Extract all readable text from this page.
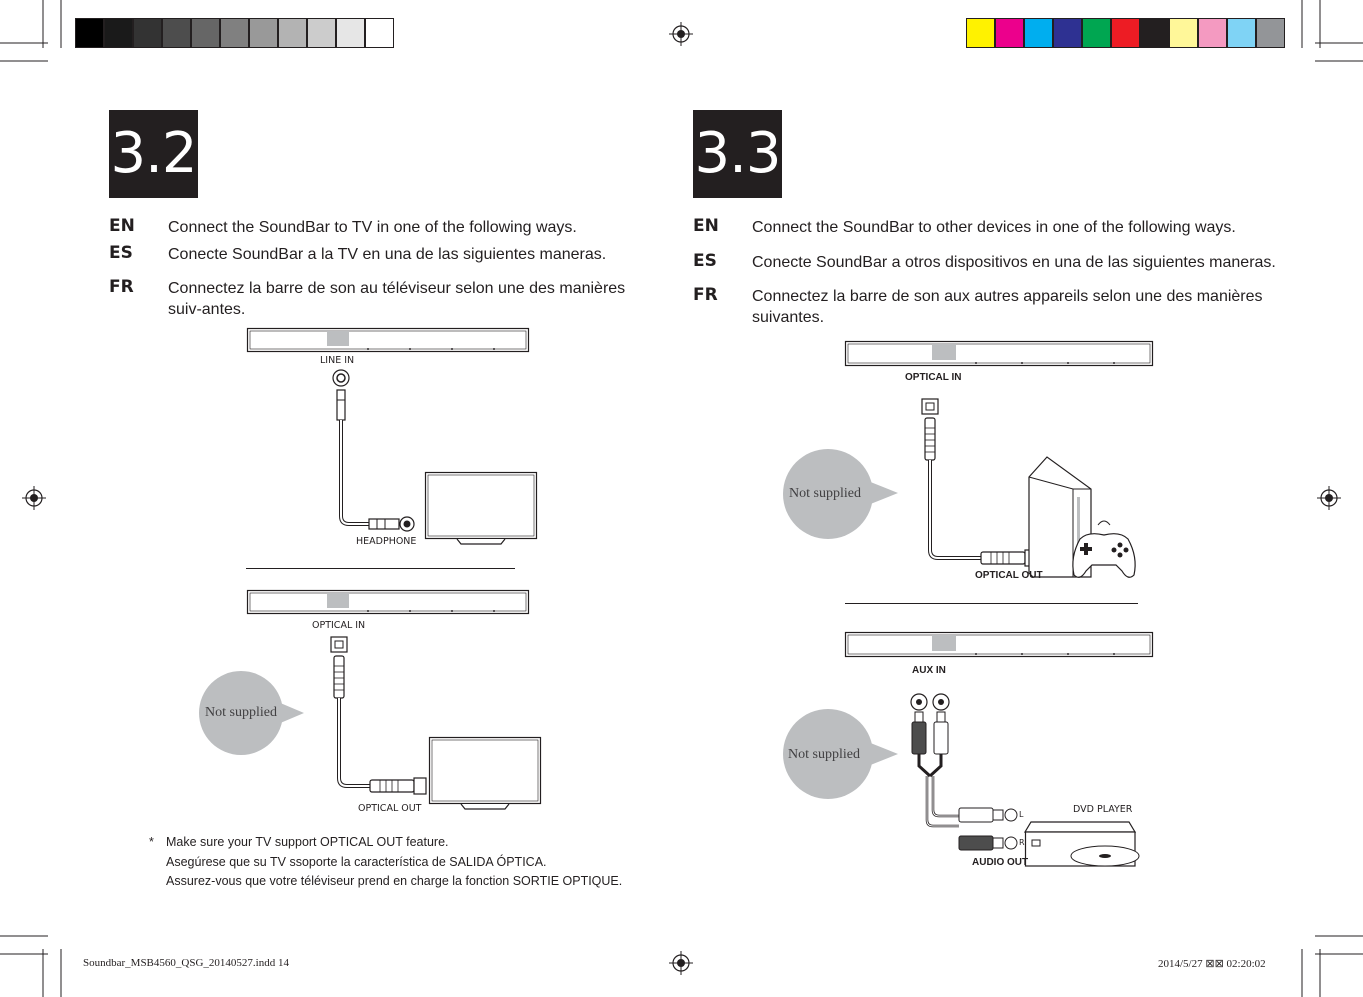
3.2
EN Connect the SoundBar to TV in one of the following ways.
ES Conecte SoundBar a la TV en una de las siguientes maneras.
FR Connectez la barre de son au téléviseur selon une des manières suiv-antes.
LINE IN
HEADPHONE
OPTICAL IN
Not supplied
OPTICAL OUT
* Make sure your TV support OPTICAL OUT feature.
Asegúrese que su TV ssoporte la característica de SALIDA ÓPTICA.
Assurez-vous que votre téléviseur prend en charge la fonction SORTIE OPTIQUE.
3.3
EN Connect the SoundBar to other devices in one of the following ways.
ES Conecte SoundBar a otros dispositivos en una de las siguientes maneras.
FR Connectez la barre de son aux autres appareils selon une des manières suivantes.
OPTICAL IN
Not supplied
OPTICAL OUT
AUX IN
Not supplied
L
R
DVD PLAYER
AUDIO OUT
Soundbar_MSB4560_QSG_20140527.indd 14	2014/5/27 ⊠⊠ 02:20:02
